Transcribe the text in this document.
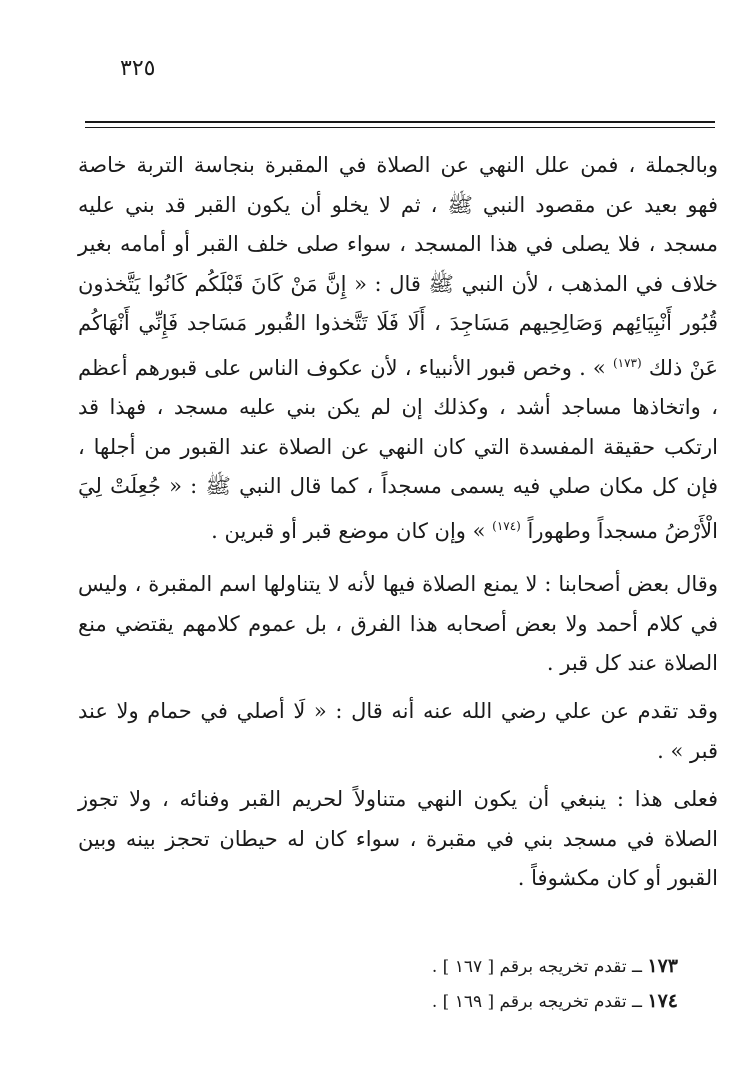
٣٢٥

وبالجملة ، فمن علل النهي عن الصلاة في المقبرة بنجاسة التربة خاصة فهو بعيد عن مقصود النبي ﷺ ، ثم لا يخلو أن يكون القبر قد بني عليه مسجد ، فلا يصلى في هذا المسجد ، سواء صلى خلف القبر أو أمامه بغير خلاف في المذهب ، لأن النبي ﷺ قال : « إِنَّ مَنْ كَانَ قَبْلَكُم كَانُوا يَتَّخذون قُبُور أَنْبِيَائِهم وَصَالِحِيهم مَسَاجِدَ ، أَلَا فَلَا تَتَّخذوا القُبور مَسَاجد فَإِنِّي أَنْهَاكُم عَنْ ذلك $^{(١٧٣)}$ » . وخص قبور الأنبياء ، لأن عكوف الناس على قبورهم أعظم ، واتخاذها مساجد أشد ، وكذلك إن لم يكن بني عليه مسجد ، فهذا قد ارتكب حقيقة المفسدة التي كان النهي عن الصلاة عند القبور من أجلها ، فإن كل مكان صلي فيه يسمى مسجداً ، كما قال النبي ﷺ : « جُعِلَتْ لِيَ الْأَرْضُ مسجداً وطهوراً $^{(١٧٤)}$ » وإن كان موضع قبر أو قبرين .

وقال بعض أصحابنا : لا يمنع الصلاة فيها لأنه لا يتناولها اسم المقبرة ، وليس في كلام أحمد ولا بعض أصحابه هذا الفرق ، بل عموم كلامهم يقتضي منع الصلاة عند كل قبر .

وقد تقدم عن علي رضي الله عنه أنه قال : « لَا أصلي في حمام ولا عند قبر » .

فعلى هذا : ينبغي أن يكون النهي متناولاً لحريم القبر وفنائه ، ولا تجوز الصلاة في مسجد بني في مقبرة ، سواء كان له حيطان تحجز بينه وبين القبور أو كان مكشوفاً .

١٧٣ ــ تقدم تخريجه برقم [ ١٦٧ ] .

١٧٤ ــ تقدم تخريجه برقم [ ١٦٩ ] .
